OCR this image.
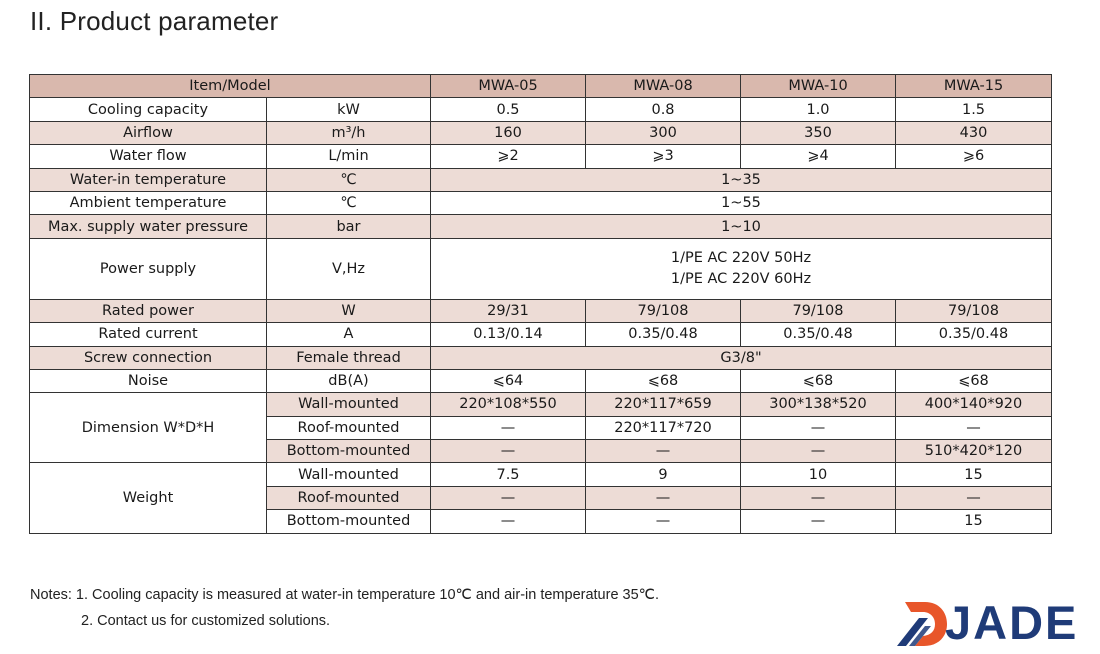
II. Product parameter
Item/Model		MWA-05	MWA-08	MWA-10	MWA-15
Cooling capacity	kW	0.5	0.8	1.0	1.5
Airflow	m³/h	160	300	350	430
Water flow	L/min	⩾2	⩾3	⩾4	⩾6
Water-in temperature	℃	1~35			
Ambient temperature	℃	1~55			
Max. supply water pressure	bar	1~10			
Power supply	V,Hz	1/PE AC 220V 50Hz
1/PE AC 220V 60Hz			

Rated power	W	29/31	79/108	79/108	79/108
Rated current	A	0.13/0.14	0.35/0.48	0.35/0.48	0.35/0.48
Screw connection	Female thread	G3/8"			
Noise	dB(A)	⩽64	⩽68	⩽68	⩽68
Dimension W*D*H	Wall-mounted	220*108*550	220*117*659	300*138*520	400*140*920
	Roof-mounted	—	220*117*720	—	—
	Bottom-mounted	—	—	—	510*420*120
Weight	Wall-mounted	7.5	9	10	15
	Roof-mounted	—	—	—	—
	Bottom-mounted	—	—	—	15
Notes: 1. Cooling capacity is measured at water-in temperature 10℃ and air-in temperature 35℃.
2. Contact us for customized solutions.	JADE
